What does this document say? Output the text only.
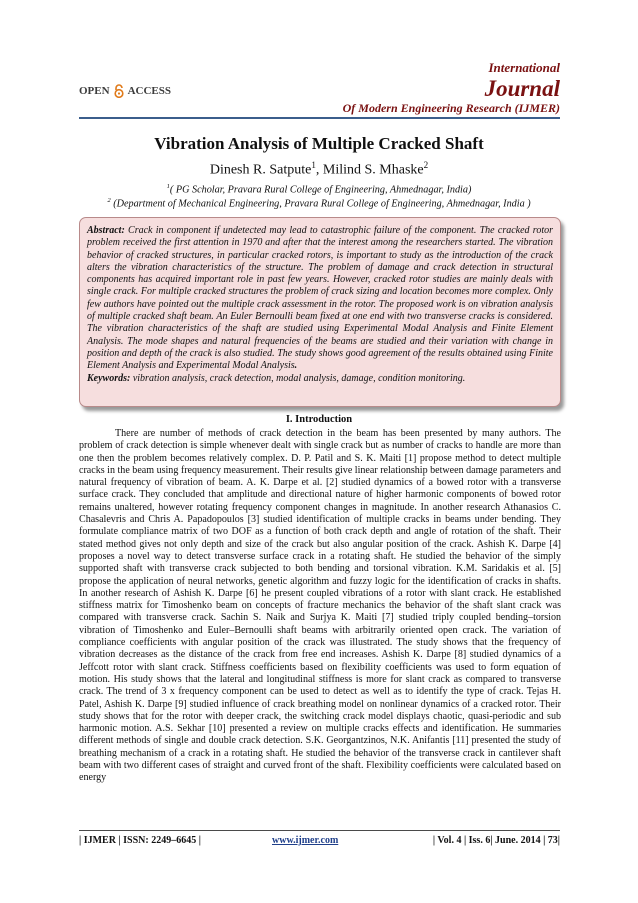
International
Journal
Of Modern Engineering Research (IJMER)
OPEN ACCESS
Vibration Analysis of Multiple Cracked Shaft
Dinesh R. Satpute$^1$, Milind S. Mhaske$^2$
$^1$( PG Scholar, Pravara Rural College of Engineering, Ahmednagar, India)
$^2$ (Department of Mechanical Engineering, Pravara Rural College of Engineering, Ahmednagar, India )
Abstract: Crack in component if undetected may lead to catastrophic failure of the component. The cracked rotor problem received the first attention in 1970 and after that the interest among the researchers started. The vibration behavior of cracked structures, in particular cracked rotors, is important to study as the introduction of the crack alters the vibration characteristics of the structure. The problem of damage and crack detection in structural components has acquired important role in past few years. However, cracked rotor studies are mainly deals with single crack. For multiple cracked structures the problem of crack sizing and location becomes more complex. Only few authors have pointed out the multiple crack assessment in the rotor. The proposed work is on vibration analysis of multiple cracked shaft beam. An Euler Bernoulli beam fixed at one end with two transverse cracks is considered. The vibration characteristics of the shaft are studied using Experimental Modal Analysis and Finite Element Analysis. The mode shapes and natural frequencies of the beams are studied and their variation with change in position and depth of the crack is also studied. The study shows good agreement of the results obtained using Finite Element Analysis and Experimental Modal Analysis.
Keywords: vibration analysis, crack detection, modal analysis, damage, condition monitoring.
I. Introduction
There are number of methods of crack detection in the beam has been presented by many authors. The problem of crack detection is simple whenever dealt with single crack but as number of cracks to handle are more than one then the problem becomes relatively complex. D. P. Patil and S. K. Maiti [1] propose method to detect multiple cracks in the beam using frequency measurement. Their results give linear relationship between damage parameters and natural frequency of vibration of beam. A. K. Darpe et al. [2] studied dynamics of a bowed rotor with a transverse surface crack. They concluded that amplitude and directional nature of higher harmonic components of bowed rotor remains unaltered, however rotating frequency component changes in magnitude. In another research Athanasios C. Chasalevris and Chris A. Papadopoulos [3] studied identification of multiple cracks in beams under bending. They formulate compliance matrix of two DOF as a function of both crack depth and angle of rotation of the shaft. Their stated method gives not only depth and size of the crack but also angular position of the crack. Ashish K. Darpe [4] proposes a novel way to detect transverse surface crack in a rotating shaft. He studied the behavior of the simply supported shaft with transverse crack subjected to both bending and torsional vibration. K.M. Saridakis et al. [5] propose the application of neural networks, genetic algorithm and fuzzy logic for the identification of cracks in shafts. In another research of Ashish K. Darpe [6] he present coupled vibrations of a rotor with slant crack. He established stiffness matrix for Timoshenko beam on concepts of fracture mechanics the behavior of the shaft slant crack was compared with transverse crack. Sachin S. Naik and Surjya K. Maiti [7] studied triply coupled bending–torsion vibration of Timoshenko and Euler–Bernoulli shaft beams with arbitrarily oriented open crack. The variation of compliance coefficients with angular position of the crack was illustrated. The study shows that the frequency of vibration decreases as the distance of the crack from free end increases. Ashish K. Darpe [8] studied dynamics of a Jeffcott rotor with slant crack. Stiffness coefficients based on flexibility coefficients was used to form equation of motion. His study shows that the lateral and longitudinal stiffness is more for slant crack as compared to transverse crack. The trend of 3 x frequency component can be used to detect as well as to identify the type of crack. Tejas H. Patel, Ashish K. Darpe [9] studied influence of crack breathing model on nonlinear dynamics of a cracked rotor. Their study shows that for the rotor with deeper crack, the switching crack model displays chaotic, quasi-periodic and sub harmonic motion. A.S. Sekhar [10] presented a review on multiple cracks effects and identification. He summaries different methods of single and double crack detection. S.K. Georgantzinos, N.K. Anifantis [11] presented the study of breathing mechanism of a crack in a rotating shaft. He studied the behavior of the transverse crack in cantilever shaft beam with two different cases of straight and curved front of the shaft. Flexibility coefficients were calculated based on energy
| IJMER | ISSN: 2249–6645 |	www.ijmer.com	| Vol. 4 | Iss. 6| June. 2014 | 73|
